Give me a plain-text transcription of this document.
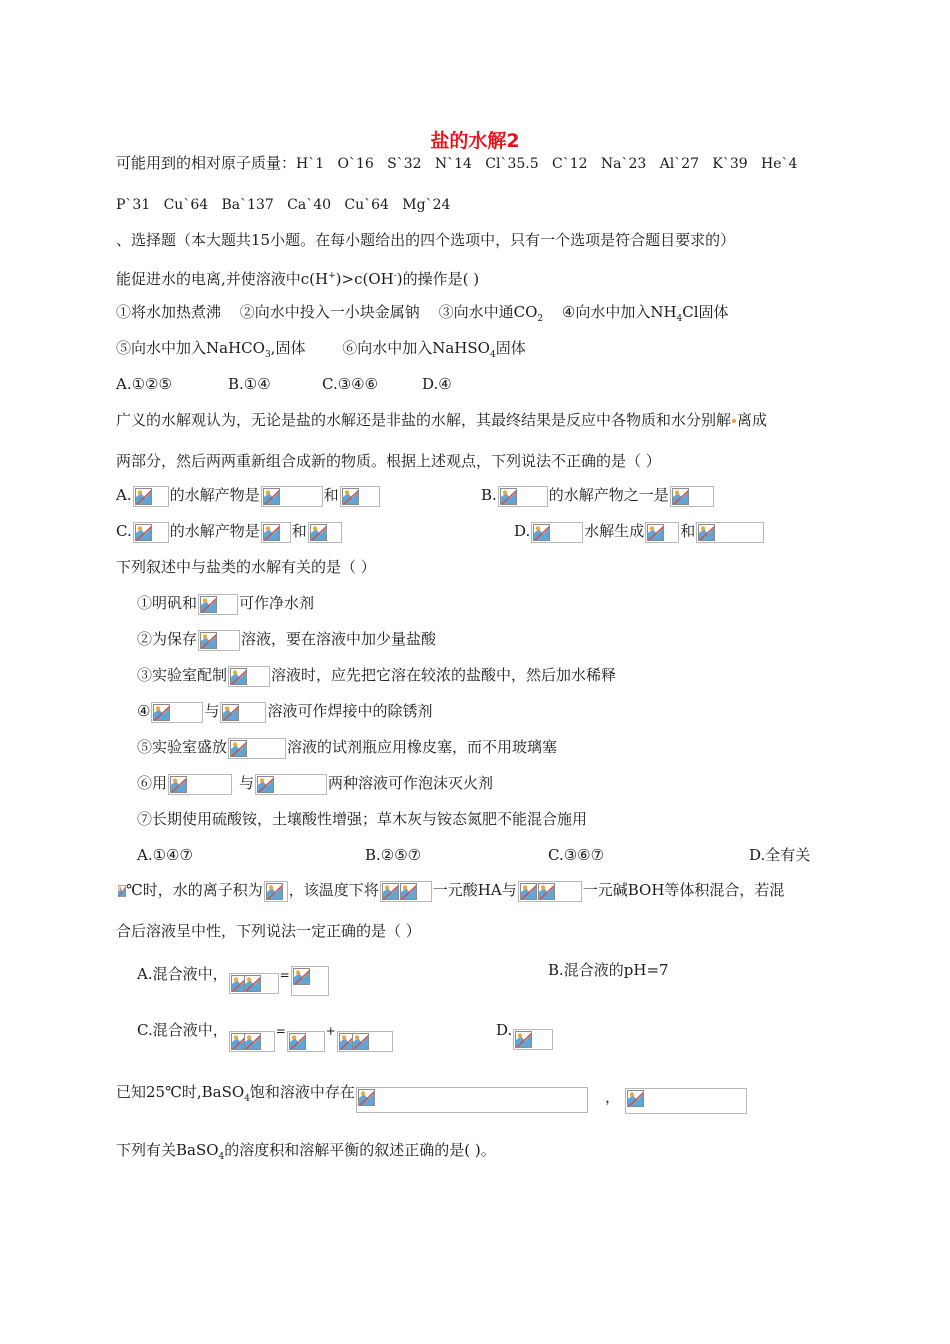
盐的水解2
可能用到的相对原子质量：H`1   O`16   S`32   N`14   Cl`35.5   C`12   Na`23   Al`27   K`39   He`4
P`31   Cu`64   Ba`137   Ca`40   Cu`64   Mg`24
、选择题（本大题共15小题。在每小题给出的四个选项中，只有一个选项是符合题目要求的）
能促进水的电离,并使溶液中c(H+)>c(OH-)的操作是( )
①将水加热煮沸 ②向水中投入一小块金属钠 ③向水中通$CO_2$ ④向水中加入$NH_4Cl$固体
⑤向水中加入NaHCO$_3$,固体 ⑥向水中加入NaHSO$_4$固体
A.①②⑤	B.①④	C.③④⑥	D.④
广义的水解观认为，无论是盐的水解还是非盐的水解，其最终结果是反应中各物质和水分别解 离成
两部分，然后两两重新组合成新的物质。根据上述观点，下列说法不正确的是（ ）
A.	的水解产物是	和	B.	的水解产物之一是
C.	的水解产物是 和	D.	水解生成 和
下列叙述中与盐类的水解有关的是（ ）
①明矾和	可作净水剂
②为保存	溶液，要在溶液中加少量盐酸
③实验室配制	溶液时，应先把它溶在较浓的盐酸中，然后加水稀释
④	与	溶液可作焊接中的除锈剂
⑤实验室盛放	溶液的试剂瓶应用橡皮塞，而不用玻璃塞
⑥用	与	两种溶液可作泡沫灭火剂
⑦长期使用硫酸铵，土壤酸性增强；草木灰与铵态氮肥不能混合施用
A.①④⑦	B.②⑤⑦	C.③⑥⑦	D.全有关
℃时，水的离子积为 ，该温度下将	一元酸HA与	一元碱BOH等体积混合，若混
合后溶液呈中性，下列说法一定正确的是（ ）
A.混合液中，	=	B.混合液的pH=7
C.混合液中，	=	+	D.
已知25℃时,BaSO$_4$饱和溶液中存在	，
下列有关BaSO$_4$的溶度积和溶解平衡的叙述正确的是( )。
